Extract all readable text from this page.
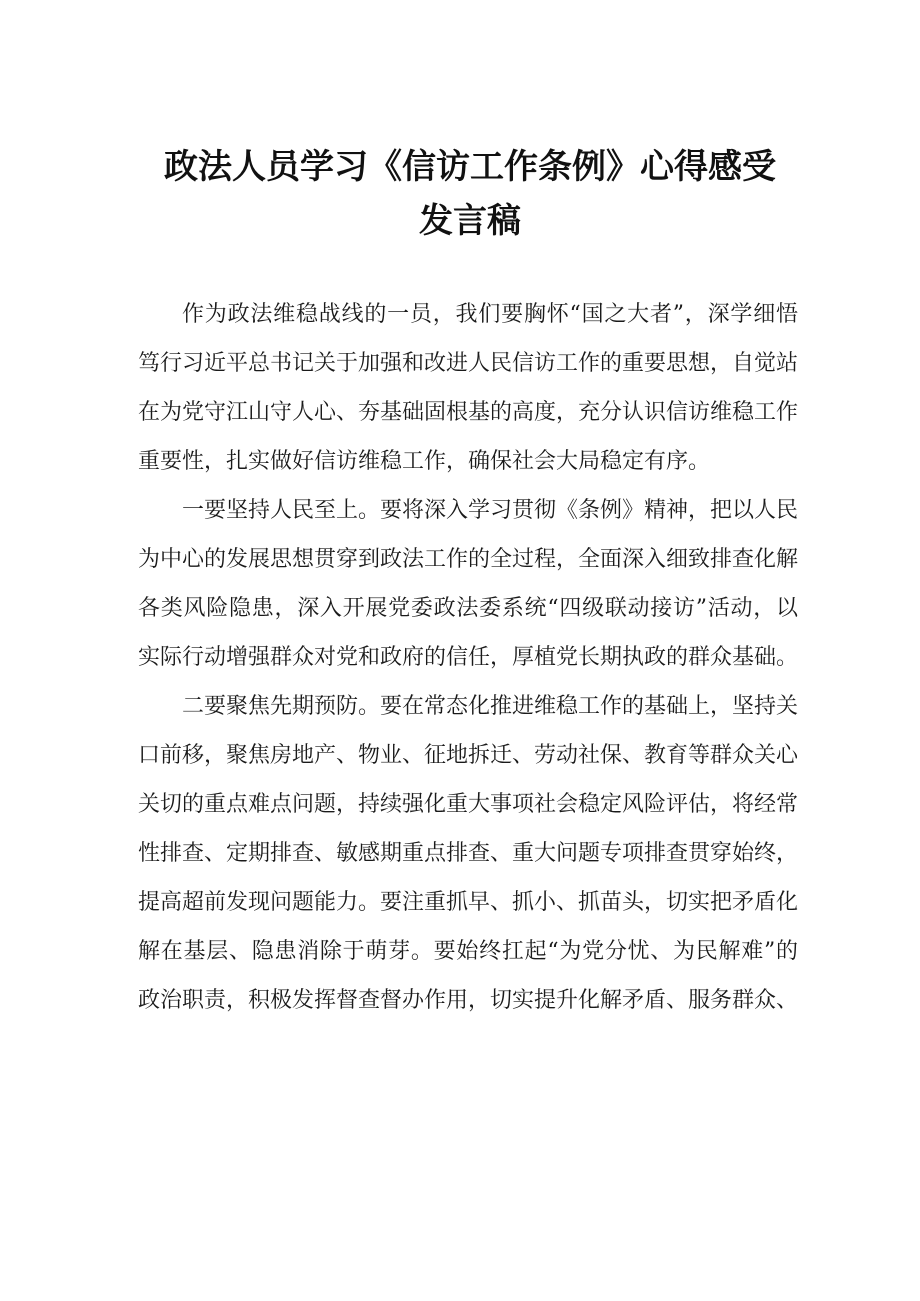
政法人员学习《信访工作条例》心得感受
发言稿

作为政法维稳战线的一员，我们要胸怀“国之大者”，深学细悟笃行习近平总书记关于加强和改进人民信访工作的重要思想，自觉站在为党守江山守人心、夯基础固根基的高度，充分认识信访维稳工作重要性，扎实做好信访维稳工作，确保社会大局稳定有序。

一要坚持人民至上。要将深入学习贯彻《条例》精神，把以人民为中心的发展思想贯穿到政法工作的全过程，全面深入细致排查化解各类风险隐患，深入开展党委政法委系统“四级联动接访”活动，以实际行动增强群众对党和政府的信任，厚植党长期执政的群众基础。

二要聚焦先期预防。要在常态化推进维稳工作的基础上，坚持关口前移，聚焦房地产、物业、征地拆迁、劳动社保、教育等群众关心关切的重点难点问题，持续强化重大事项社会稳定风险评估，将经常性排查、定期排查、敏感期重点排查、重大问题专项排查贯穿始终，提高超前发现问题能力。要注重抓早、抓小、抓苗头，切实把矛盾化解在基层、隐患消除于萌芽。要始终扛起“为党分忧、为民解难”的政治职责，积极发挥督查督办作用，切实提升化解矛盾、服务群众、
